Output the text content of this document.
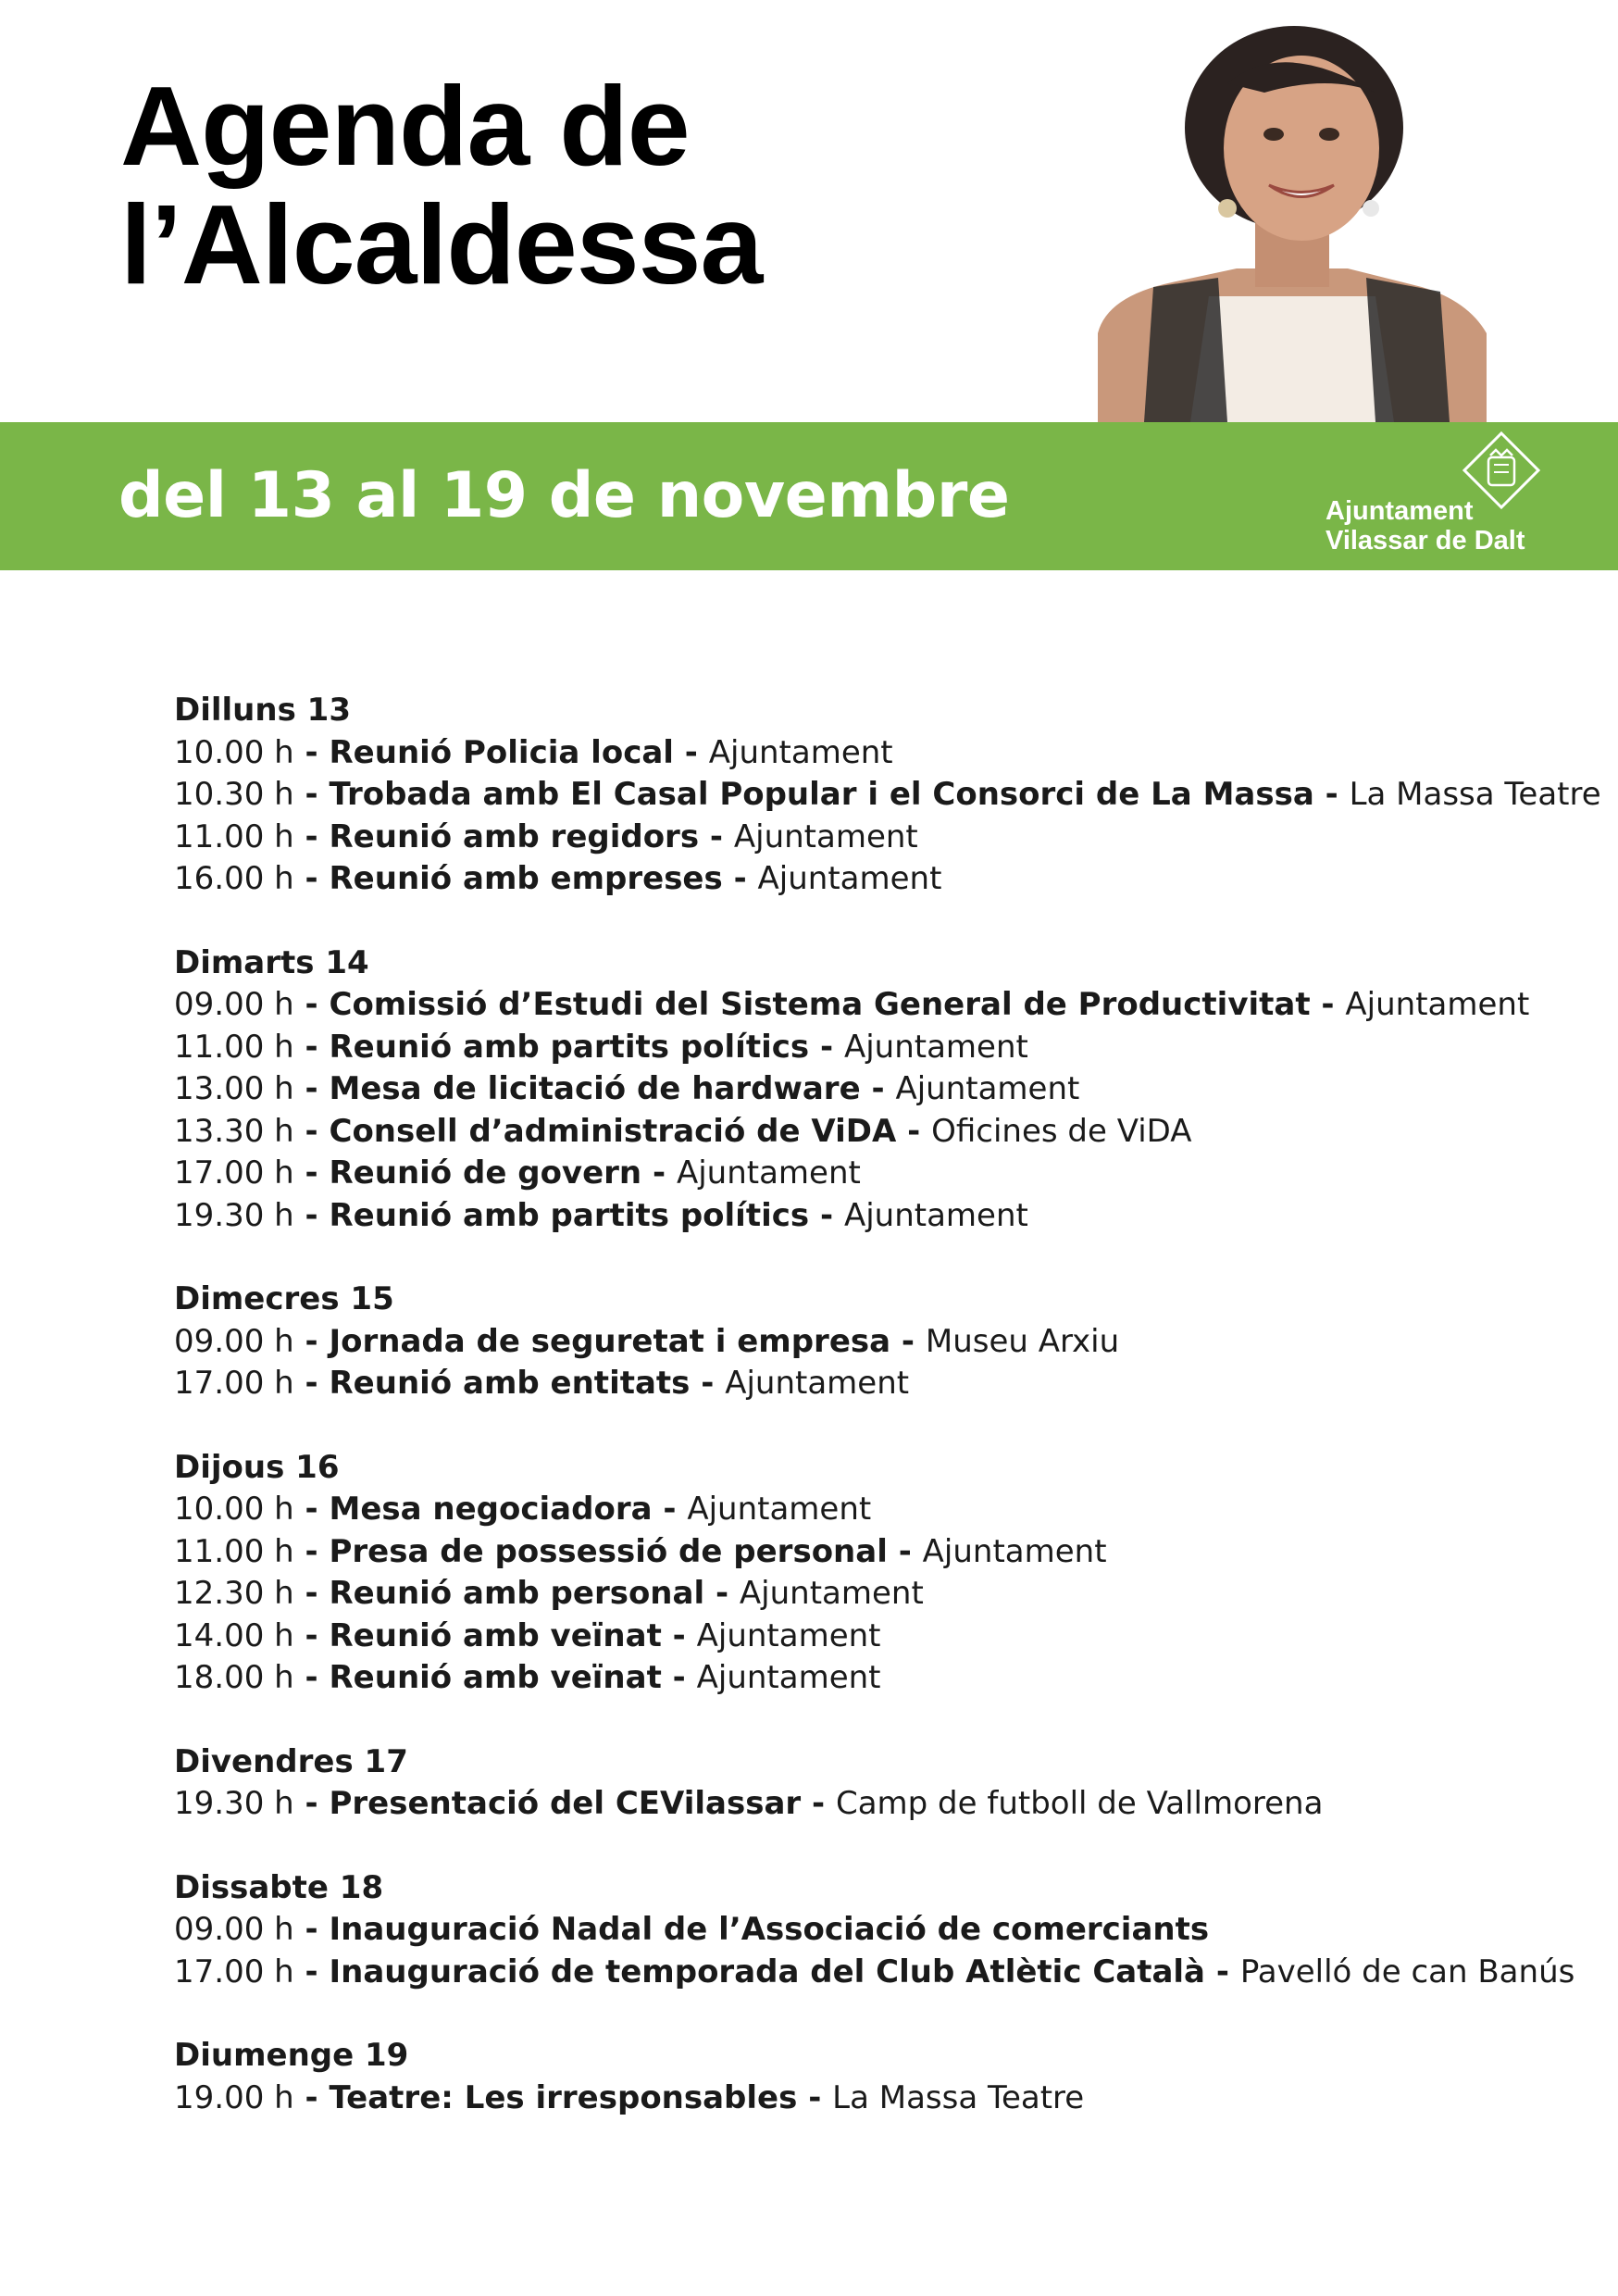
Agenda de
l’Alcaldessa
del 13 al 19 de novembre	Ajuntament
Vilassar de Dalt
Dilluns 13
10.00 h - Reunió Policia local - Ajuntament
10.30 h - Trobada amb El Casal Popular i el Consorci de La Massa - La Massa Teatre
11.00 h - Reunió amb regidors - Ajuntament
16.00 h - Reunió amb empreses - Ajuntament
Dimarts 14
09.00 h - Comissió d’Estudi del Sistema General de Productivitat - Ajuntament
11.00 h - Reunió amb partits polítics - Ajuntament
13.00 h - Mesa de licitació de hardware - Ajuntament
13.30 h - Consell d’administració de ViDA - Oficines de ViDA
17.00 h - Reunió de govern - Ajuntament
19.30 h - Reunió amb partits polítics - Ajuntament
Dimecres 15
09.00 h - Jornada de seguretat i empresa - Museu Arxiu
17.00 h - Reunió amb entitats - Ajuntament
Dijous 16
10.00 h - Mesa negociadora - Ajuntament
11.00 h - Presa de possessió de personal - Ajuntament
12.30 h - Reunió amb personal - Ajuntament
14.00 h - Reunió amb veïnat - Ajuntament
18.00 h - Reunió amb veïnat - Ajuntament
Divendres 17
19.30 h - Presentació del CEVilassar - Camp de futboll de Vallmorena
Dissabte 18
09.00 h - Inauguració Nadal de l’Associació de comerciants
17.00 h - Inauguració de temporada del Club Atlètic Català - Pavelló de can Banús
Diumenge 19
19.00 h - Teatre: Les irresponsables - La Massa Teatre
